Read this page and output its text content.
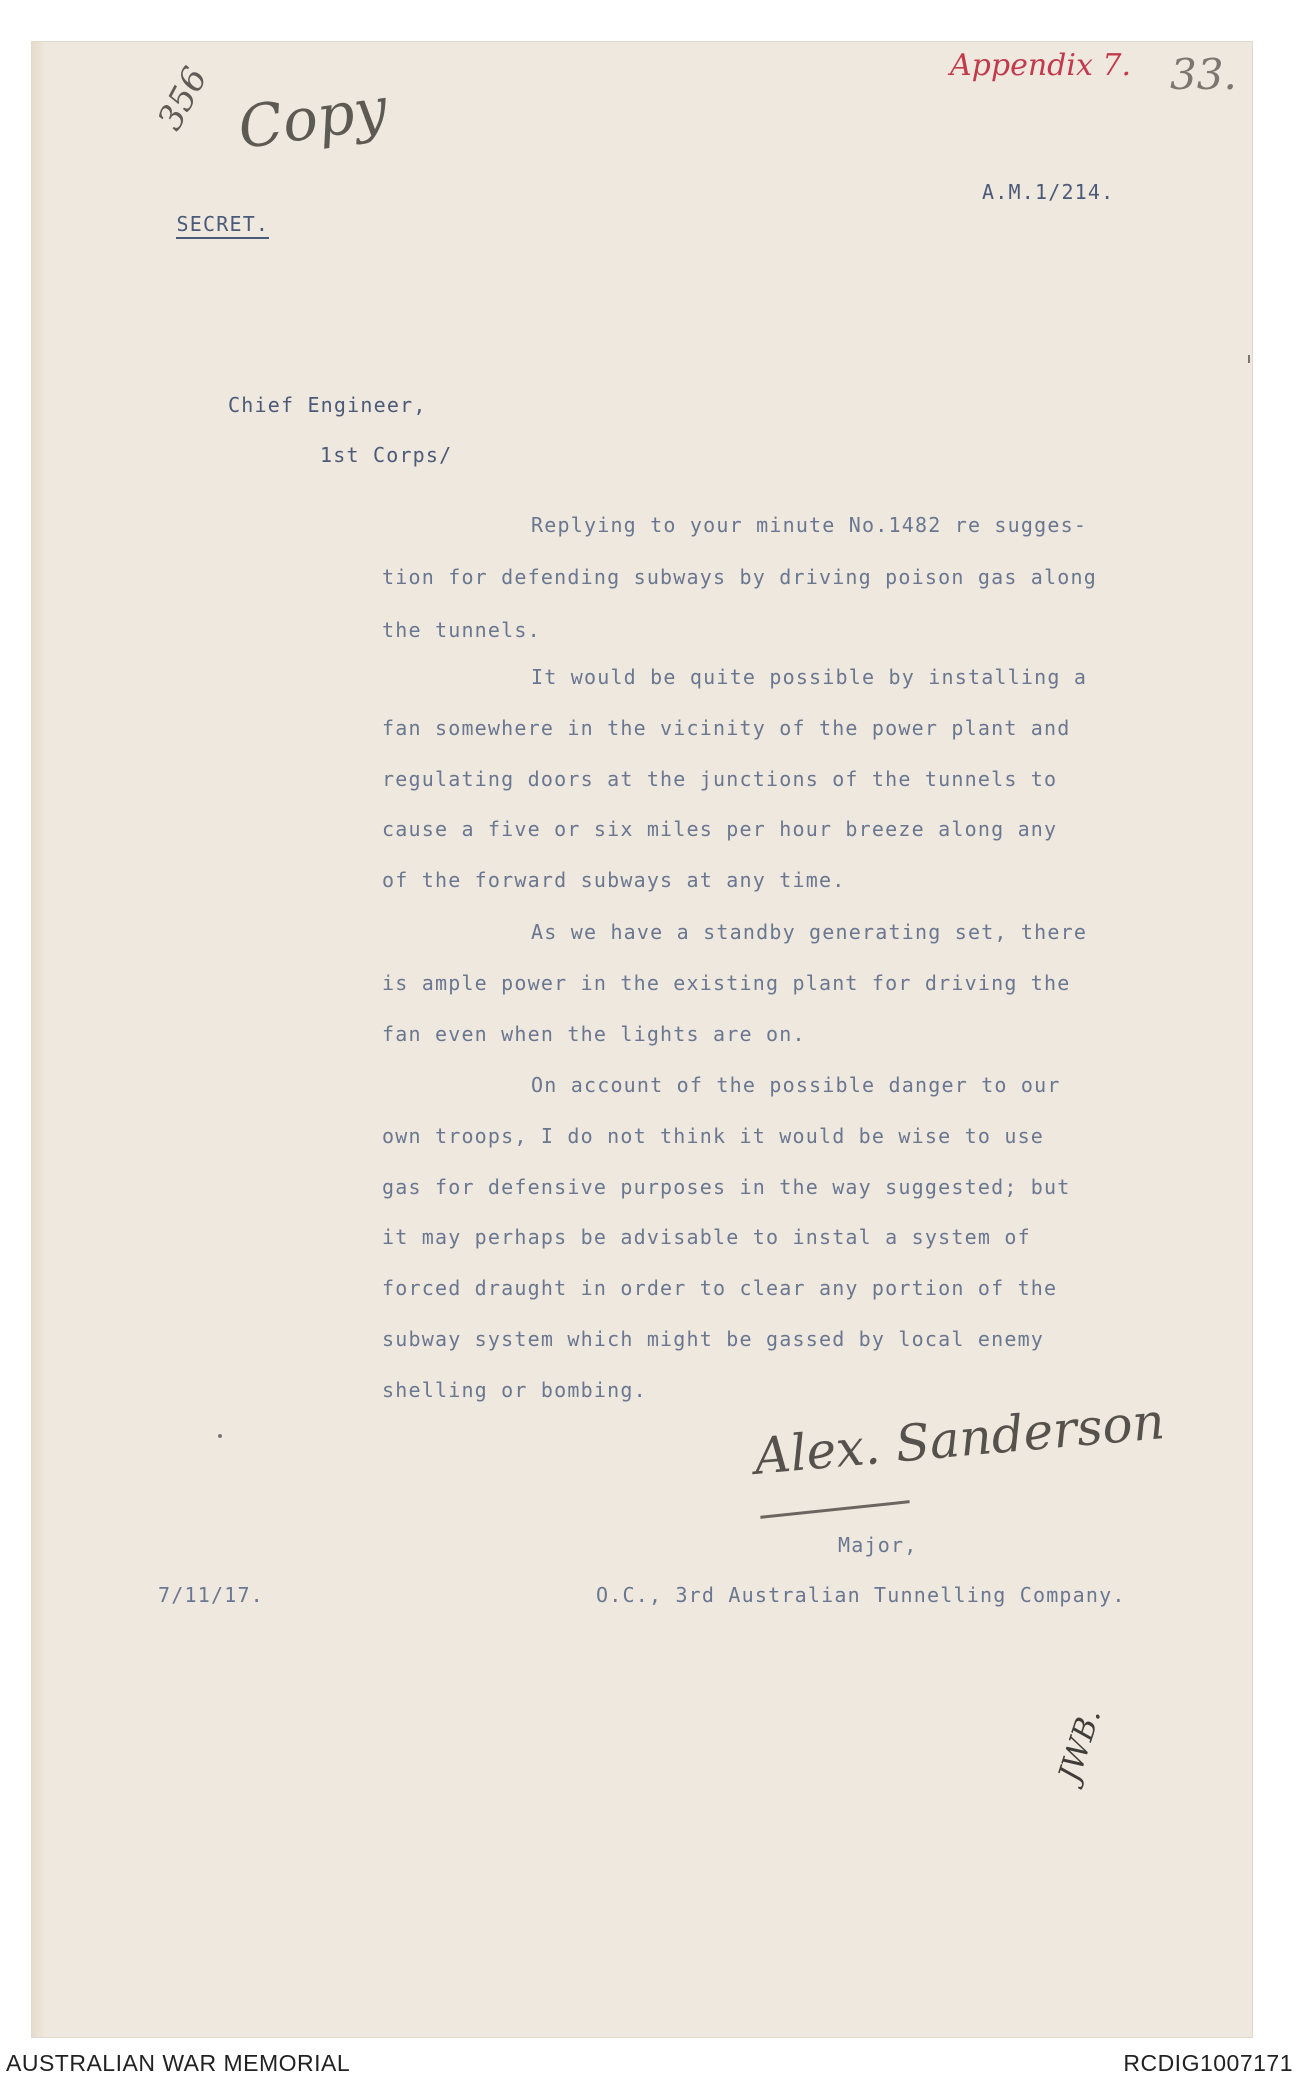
Appendix 7. 33.
356 Copy

SECRET.

A.M.1/214.
Chief Engineer,
1st Corps/
Replying to your minute No.1482 re sugges-
tion for defending subways by driving poison gas along
the tunnels.
It would be quite possible by installing a
fan somewhere in the vicinity of the power plant and
regulating doors at the junctions of the tunnels to
cause a five or six miles per hour breeze along any
of the forward subways at any time.
As we have a standby generating set, there
is ample power in the existing plant for driving the
fan even when the lights are on.
On account of the possible danger to our
own troops, I do not think it would be wise to use
gas for defensive purposes in the way suggested; but
it may perhaps be advisable to instal a system of
forced draught in order to clear any portion of the
subway system which might be gassed by local enemy
shelling or bombing.
Alex. Sanderson
Major,
7/11/17.	O.C., 3rd Australian Tunnelling Company.
JWB.
AUSTRALIAN WAR MEMORIAL	RCDIG1007171
